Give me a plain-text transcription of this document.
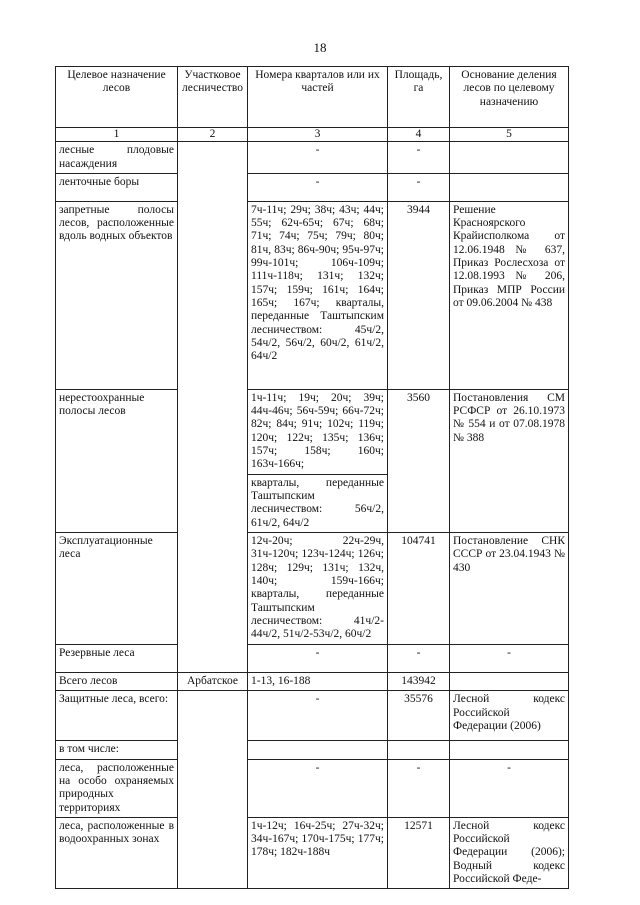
18
Целевое назначение лесов	Участковое лесничество	Номера кварталов или их частей	Площадь, га	Основание деления лесов по целевому назначению
1	2	3	4	5
лесные плодовые насаждения		-	-	
ленточные боры		-	-	
запретные полосы лесов, расположенные вдоль водных объектов		7ч-11ч; 29ч; 38ч; 43ч; 44ч; 55ч; 62ч-65ч; 67ч; 68ч; 71ч; 74ч; 75ч; 79ч; 80ч; 81ч, 83ч; 86ч-90ч; 95ч-97ч; 99ч-101ч; 106ч-109ч; 111ч-118ч; 131ч; 132ч; 157ч; 159ч; 161ч; 164ч; 165ч; 167ч; кварталы, переданные Таштыпским лесничеством: 45ч/2, 54ч/2, 56ч/2, 60ч/2, 61ч/2, 64ч/2	3944	Решение Красноярского Крайисполкома от 12.06.1948 № 637, Приказ Рослесхоза от 12.08.1993 № 206, Приказ МПР России от 09.06.2004 № 438
нерестоохранные полосы лесов		1ч-11ч; 19ч; 20ч; 39ч; 44ч-46ч; 56ч-59ч; 66ч-72ч; 82ч; 84ч; 91ч; 102ч; 119ч; 120ч; 122ч; 135ч; 136ч; 157ч; 158ч; 160ч; 163ч-166ч;	3560	Постановления СМ РСФСР от 26.10.1973 № 554 и от 07.08.1978 № 388
		кварталы, переданные Таштыпским лесничеством: 56ч/2, 61ч/2, 64ч/2		
Эксплуатационные леса		12ч-20ч; 22ч-29ч, 31ч-120ч; 123ч-124ч; 126ч; 128ч; 129ч; 131ч; 132ч, 140ч; 159ч-166ч; кварталы, переданные Таштыпским лесничеством: 41ч/2-44ч/2, 51ч/2-53ч/2, 60ч/2	104741	Постановление СНК СССР от 23.04.1943 № 430
Резервные леса		-	-	-
Всего лесов	Арбатское	1-13, 16-188	143942	
Защитные леса, всего:		-	35576	Лесной кодекс Российской Федерации (2006)
в том числе:				
леса, расположенные на особо охраняемых природных территориях		-	-	-
леса, расположенные в водоохранных зонах		1ч-12ч; 16ч-25ч; 27ч-32ч; 34ч-167ч; 170ч-175ч; 177ч; 178ч; 182ч-188ч	12571	Лесной кодекс Российской Федерации (2006); Водный кодекс Российской Феде-
